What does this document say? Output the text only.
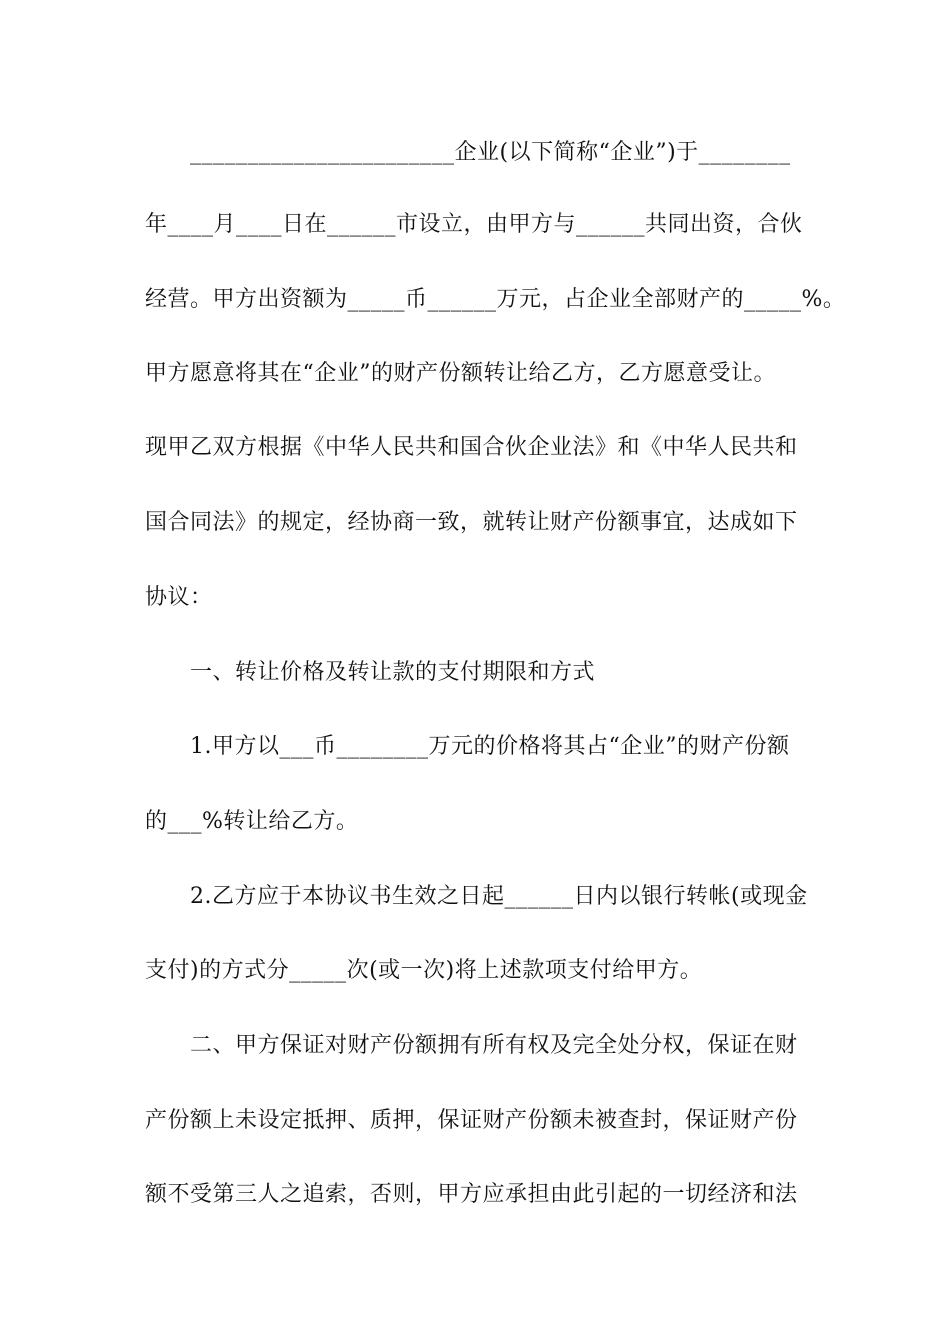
　　_______________________企业(以下简称“企业”)于________
年____月____日在______市设立，由甲方与______共同出资，合伙
经营。甲方出资额为_____币______万元，占企业全部财产的_____%。
甲方愿意将其在“企业”的财产份额转让给乙方，乙方愿意受让。
现甲乙双方根据《中华人民共和国合伙企业法》和《中华人民共和
国合同法》的规定，经协商一致，就转让财产份额事宜，达成如下
协议：
　　一、转让价格及转让款的支付期限和方式
　　1.甲方以___币________万元的价格将其占“企业”的财产份额
的___%转让给乙方。
　　2.乙方应于本协议书生效之日起______日内以银行转帐(或现金
支付)的方式分_____次(或一次)将上述款项支付给甲方。
　　二、甲方保证对财产份额拥有所有权及完全处分权，保证在财
产份额上未设定抵押、质押，保证财产份额未被查封，保证财产份
额不受第三人之追索，否则，甲方应承担由此引起的一切经济和法
